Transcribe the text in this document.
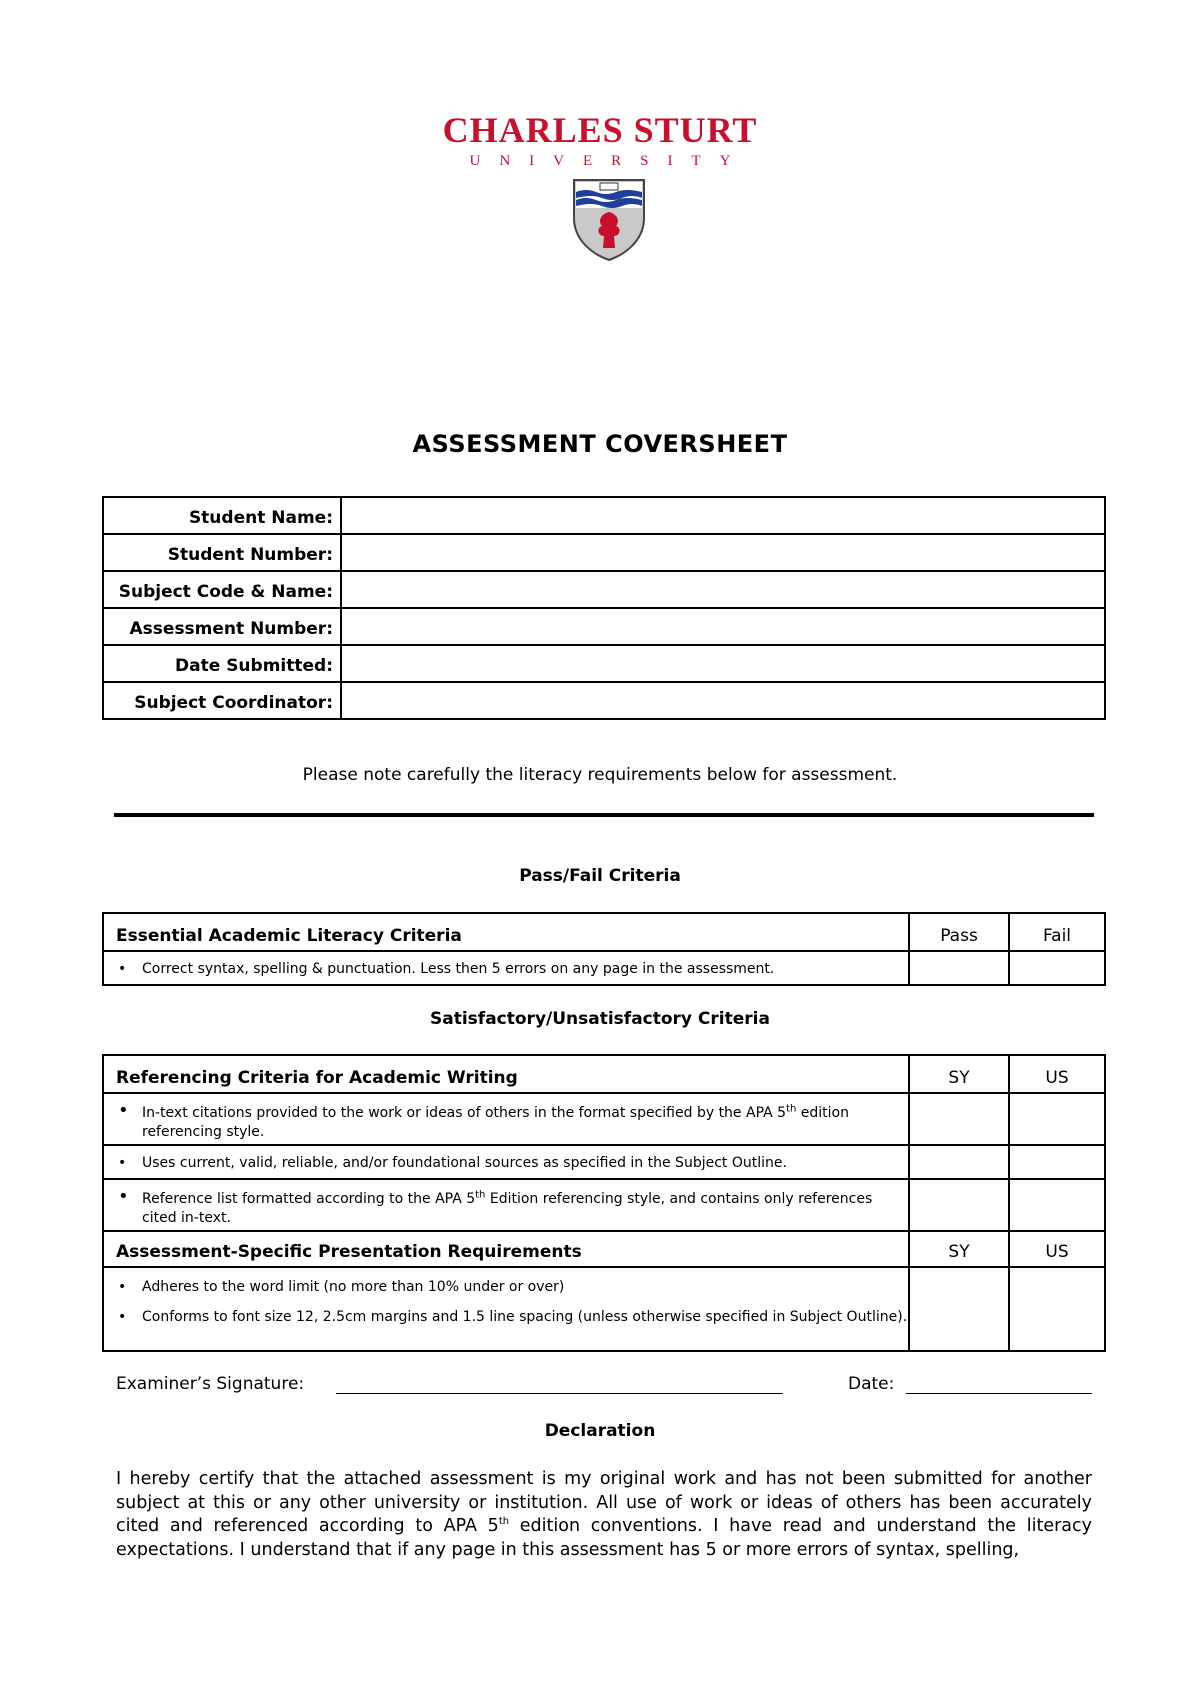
CHARLES STURT
UNIVERSITY
ASSESSMENT COVERSHEET
Student Name:
Student Number:
Subject Code & Name:
Assessment Number:
Date Submitted:
Subject Coordinator:
Please note carefully the literacy requirements below for assessment.
Pass/Fail Criteria
Essential Academic Literacy Criteria	Pass	Fail
• Correct syntax, spelling & punctuation. Less then 5 errors on any page in the assessment.
Satisfactory/Unsatisfactory Criteria
Referencing Criteria for Academic Writing	SY	US
• In-text citations provided to the work or ideas of others in the format specified by the APA 5th edition referencing style.
• Uses current, valid, reliable, and/or foundational sources as specified in the Subject Outline.
• Reference list formatted according to the APA 5th Edition referencing style, and contains only references cited in-text.
Assessment-Specific Presentation Requirements	SY	US
• Adheres to the word limit (no more than 10% under or over)
• Conforms to font size 12, 2.5cm margins and 1.5 line spacing (unless otherwise specified in Subject Outline).
Examiner’s Signature:	Date:
Declaration
I hereby certify that the attached assessment is my original work and has not been submitted for another subject at this or any other university or institution. All use of work or ideas of others has been accurately cited and referenced according to APA 5th edition conventions. I have read and understand the literacy expectations. I understand that if any page in this assessment has 5 or more errors of syntax, spelling,
